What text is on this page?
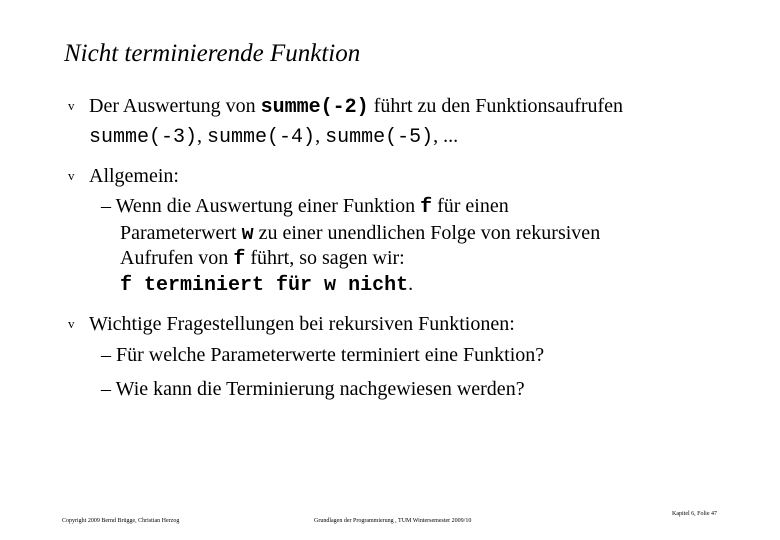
Nicht terminierende Funktion
v Der Auswertung von summe(-2) führt zu den Funktionsaufrufen
summe(-3), summe(-4), summe(-5), ...
v Allgemein:
– Wenn die Auswertung einer Funktion f für einen
Parameterwert w zu einer unendlichen Folge von rekursiven
Aufrufen von f führt, so sagen wir:
f terminiert für w nicht.
v Wichtige Fragestellungen bei rekursiven Funktionen:
– Für welche Parameterwerte terminiert eine Funktion?
– Wie kann die Terminierung nachgewiesen werden?
Copyright 2009 Bernd Brügge, Christian Herzog	Grundlagen der Programmierung , TUM Wintersemester 2009/10
Kapitel 6, Folie 47
